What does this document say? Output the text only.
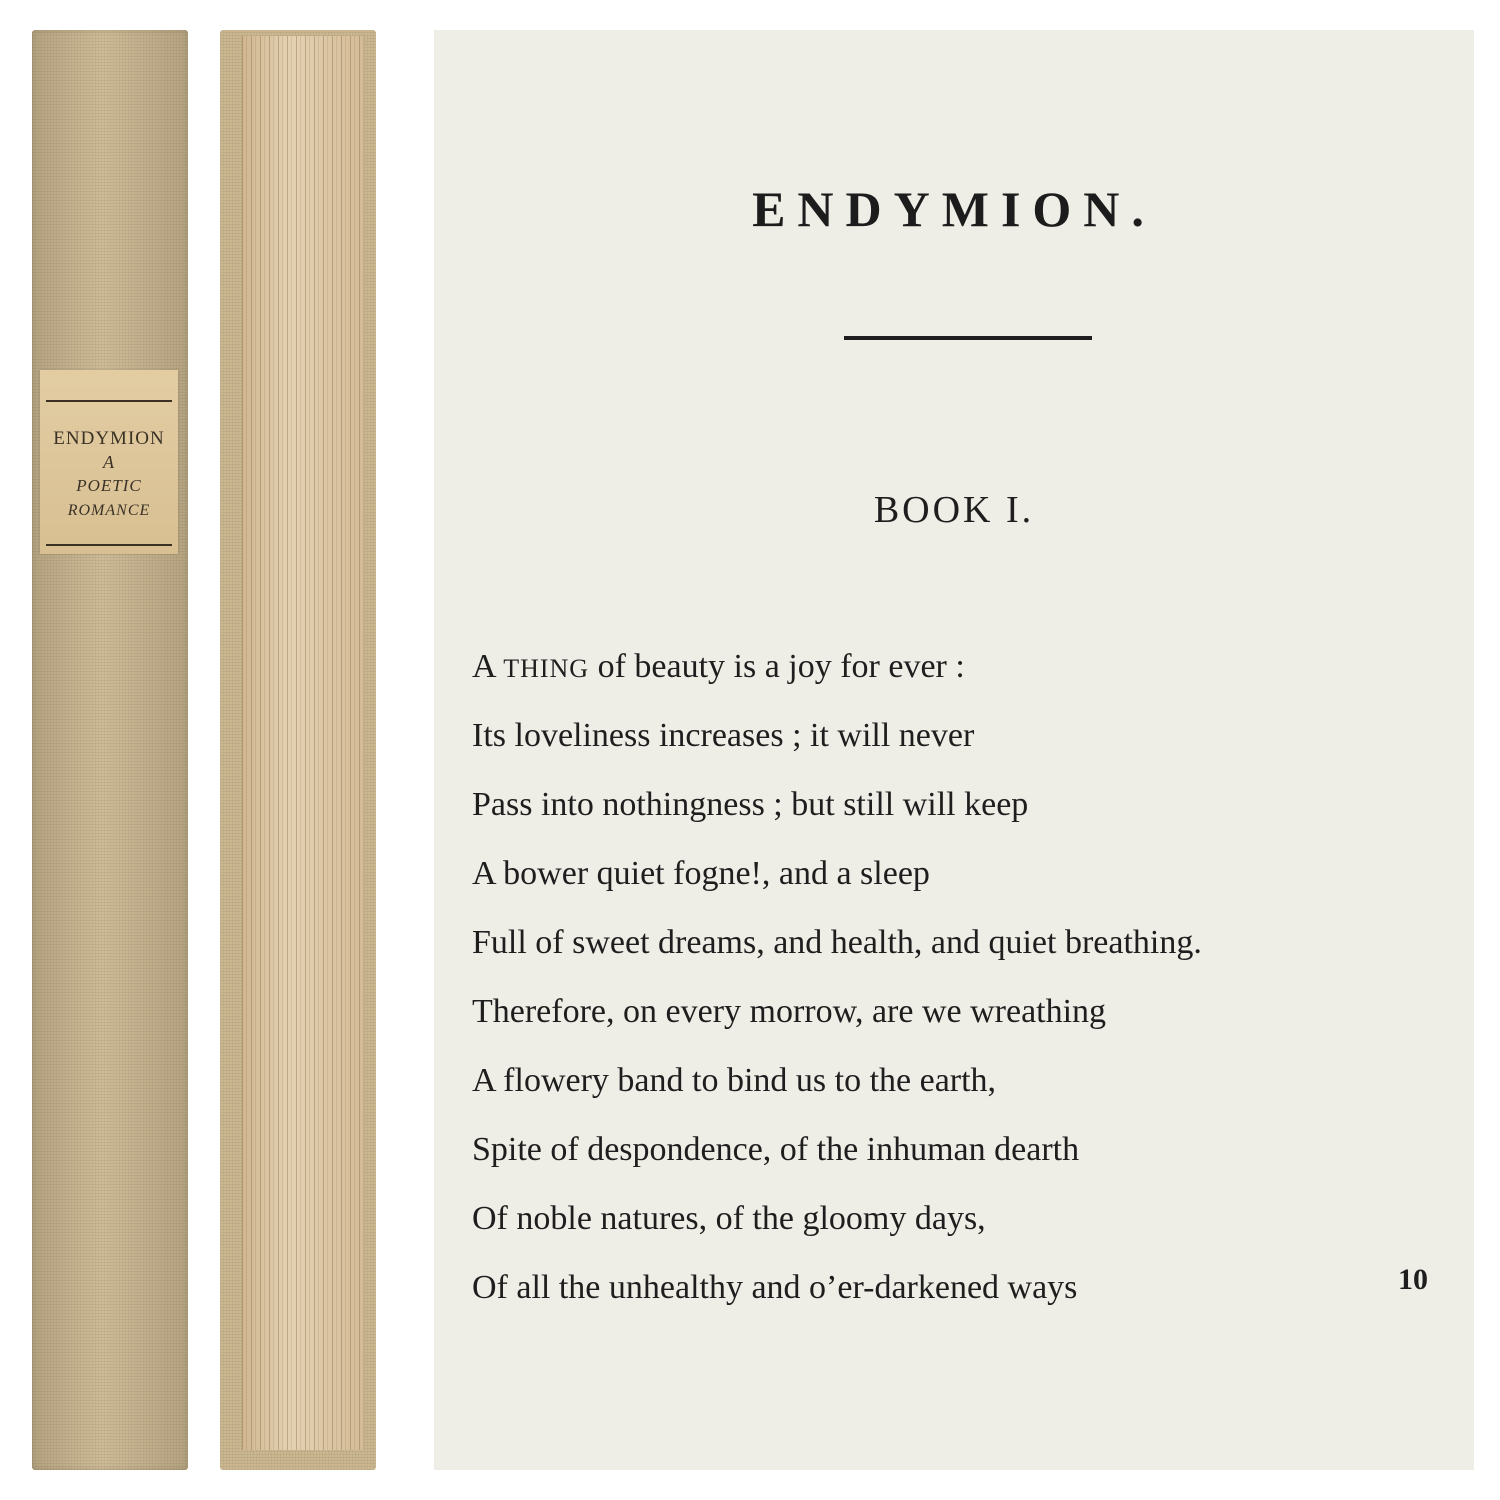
ENDYMION
A
POETIC
ROMANCE
ENDYMION.
BOOK I.
A THING of beauty is a joy for ever :
Its loveliness increases ; it will never
Pass into nothingness ; but still will keep
A bower quiet fogne!, and a sleep
Full of sweet dreams, and health, and quiet breathing.
Therefore, on every morrow, are we wreathing
A flowery band to bind us to the earth,
Spite of despondence, of the inhuman dearth
Of noble natures, of the gloomy days,
Of all the unhealthy and o’er-darkened ways	10
